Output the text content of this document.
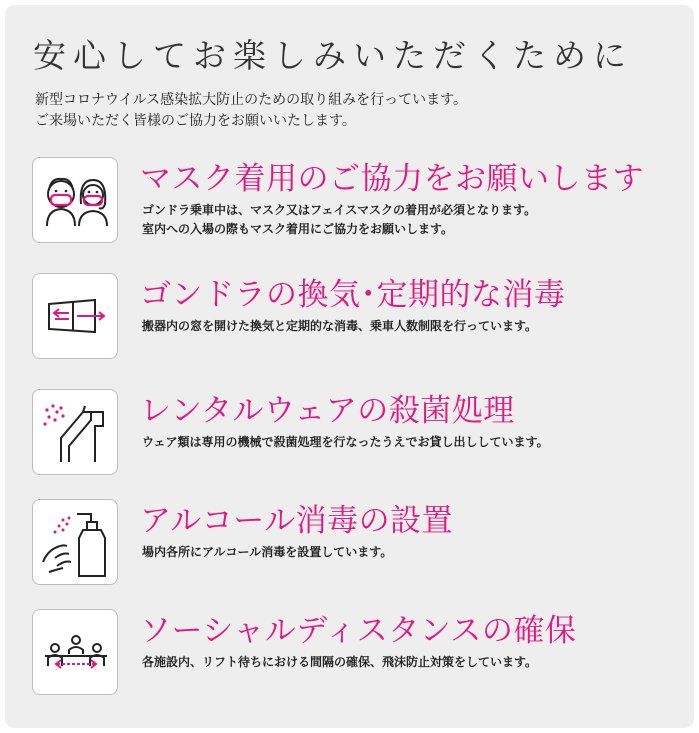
安心してお楽しみいただくために
新型コロナウイルス感染拡大防止のための取り組みを行っています。
ご来場いただく皆様のご協力をお願いいたします。
マスク着用のご協力をお願いします
ゴンドラ乗車中は、マスク又はフェイスマスクの着用が必須となります。
室内への入場の際もマスク着用にご協力をお願いします。
ゴンドラの換気･定期的な消毒
搬器内の窓を開けた換気と定期的な消毒、乗車人数制限を行っています。
レンタルウェアの殺菌処理
ウェア類は専用の機械で殺菌処理を行なったうえでお貸し出ししています。
アルコール消毒の設置
場内各所にアルコール消毒を設置しています。
ソーシャルディスタンスの確保
各施設内、リフト待ちにおける間隔の確保、飛沫防止対策をしています。
